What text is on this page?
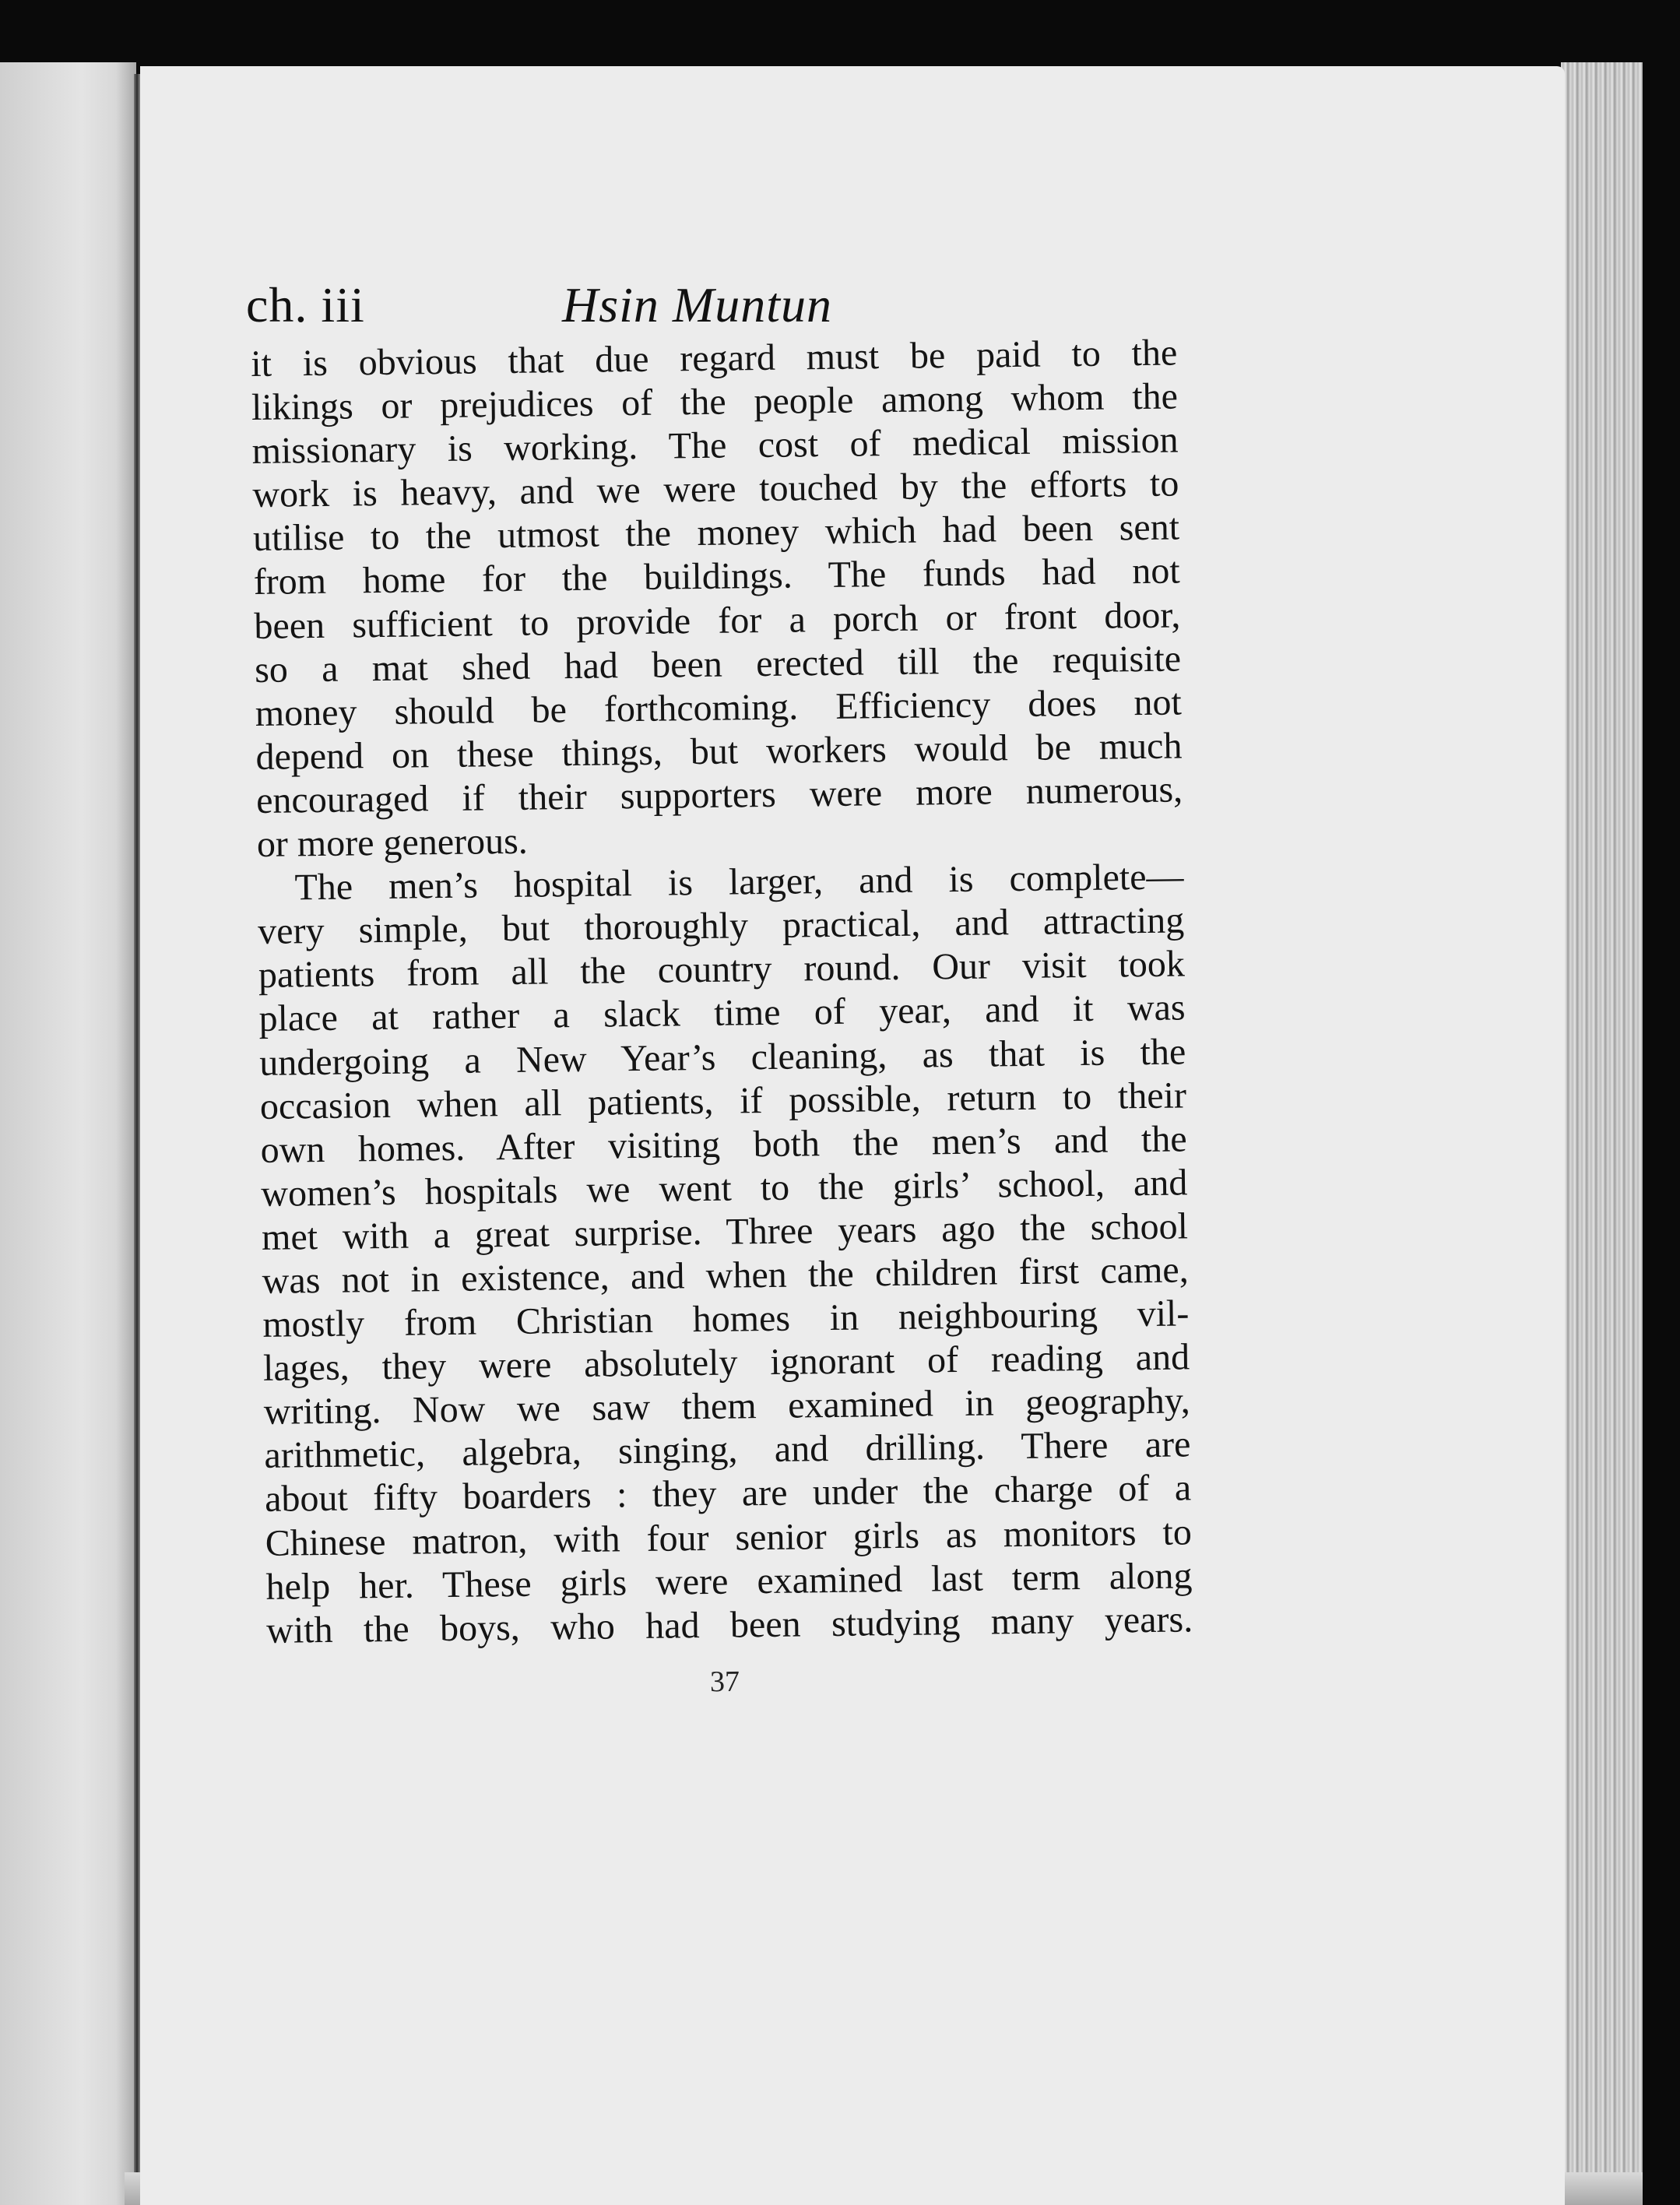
ch. iii	Hsin Muntun
it is obvious that due regard must be paid to the
likings or prejudices of the people among whom the
missionary is working. The cost of medical mission
work is heavy, and we were touched by the efforts to
utilise to the utmost the money which had been sent
from home for the buildings. The funds had not
been sufficient to provide for a porch or front door,
so a mat shed had been erected till the requisite
money should be forthcoming. Efficiency does not
depend on these things, but workers would be much
encouraged if their supporters were more numerous,
or more generous.
The men’s hospital is larger, and is complete—
very simple, but thoroughly practical, and attracting
patients from all the country round. Our visit took
place at rather a slack time of year, and it was
undergoing a New Year’s cleaning, as that is the
occasion when all patients, if possible, return to their
own homes. After visiting both the men’s and the
women’s hospitals we went to the girls’ school, and
met with a great surprise. Three years ago the school
was not in existence, and when the children first came,
mostly from Christian homes in neighbouring vil-
lages, they were absolutely ignorant of reading and
writing. Now we saw them examined in geography,
arithmetic, algebra, singing, and drilling. There are
about fifty boarders : they are under the charge of a
Chinese matron, with four senior girls as monitors to
help her. These girls were examined last term along
with the boys, who had been studying many years.
37
